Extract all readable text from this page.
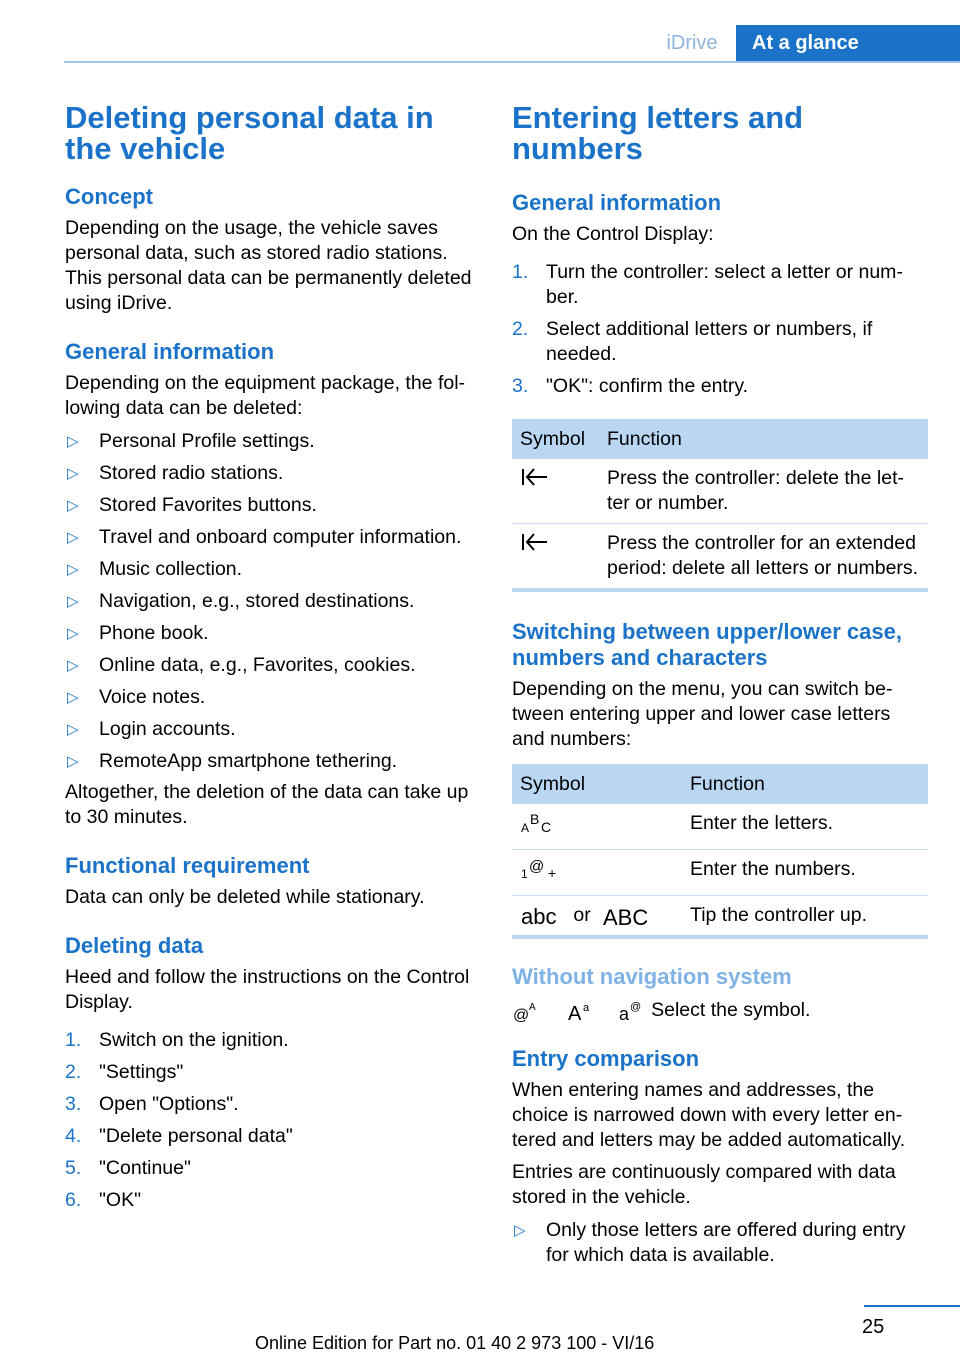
iDrive	At a glance
Deleting personal data in the vehicle
Concept

Depending on the usage, the vehicle saves personal data, such as stored radio stations. This personal data can be permanently deleted using iDrive.

General information

Depending on the equipment package, the following data can be deleted:

▷ Personal Profile settings.
▷ Stored radio stations.
▷ Stored Favorites buttons.
▷ Travel and onboard computer information.
▷ Music collection.
▷ Navigation, e.g., stored destinations.
▷ Phone book.
▷ Online data, e.g., Favorites, cookies.
▷ Voice notes.
▷ Login accounts.
▷ RemoteApp smartphone tethering.

Altogether, the deletion of the data can take up to 30 minutes.

Functional requirement

Data can only be deleted while stationary.

Deleting data

Heed and follow the instructions on the Control Display.

1. Switch on the ignition.
2. "Settings"
3. Open "Options".
4. "Delete personal data"
5. "Continue"
6. "OK"
Entering letters and numbers
General information

On the Control Display:

1. Turn the controller: select a letter or number.
2. Select additional letters or numbers, if needed.
3. "OK": confirm the entry.
Symbol	Function
	Press the controller: delete the letter or number.
	Press the controller for an extended period: delete all letters or numbers.
Switching between upper/lower case, numbers and characters

Depending on the menu, you can switch between entering upper and lower case letters and numbers:

Symbol	Function

A
B C	Enter the letters.

1 @ +	Enter the numbers.

abc or ABC	Tip the controller up.
Without navigation system
@ A
A a
a @ Select the symbol.
Entry comparison

When entering names and addresses, the choice is narrowed down with every letter entered and letters may be added automatically.

Entries are continuously compared with data stored in the vehicle.

▷ Only those letters are offered during entry for which data is available.
25
Online Edition for Part no. 01 40 2 973 100 - VI/16
